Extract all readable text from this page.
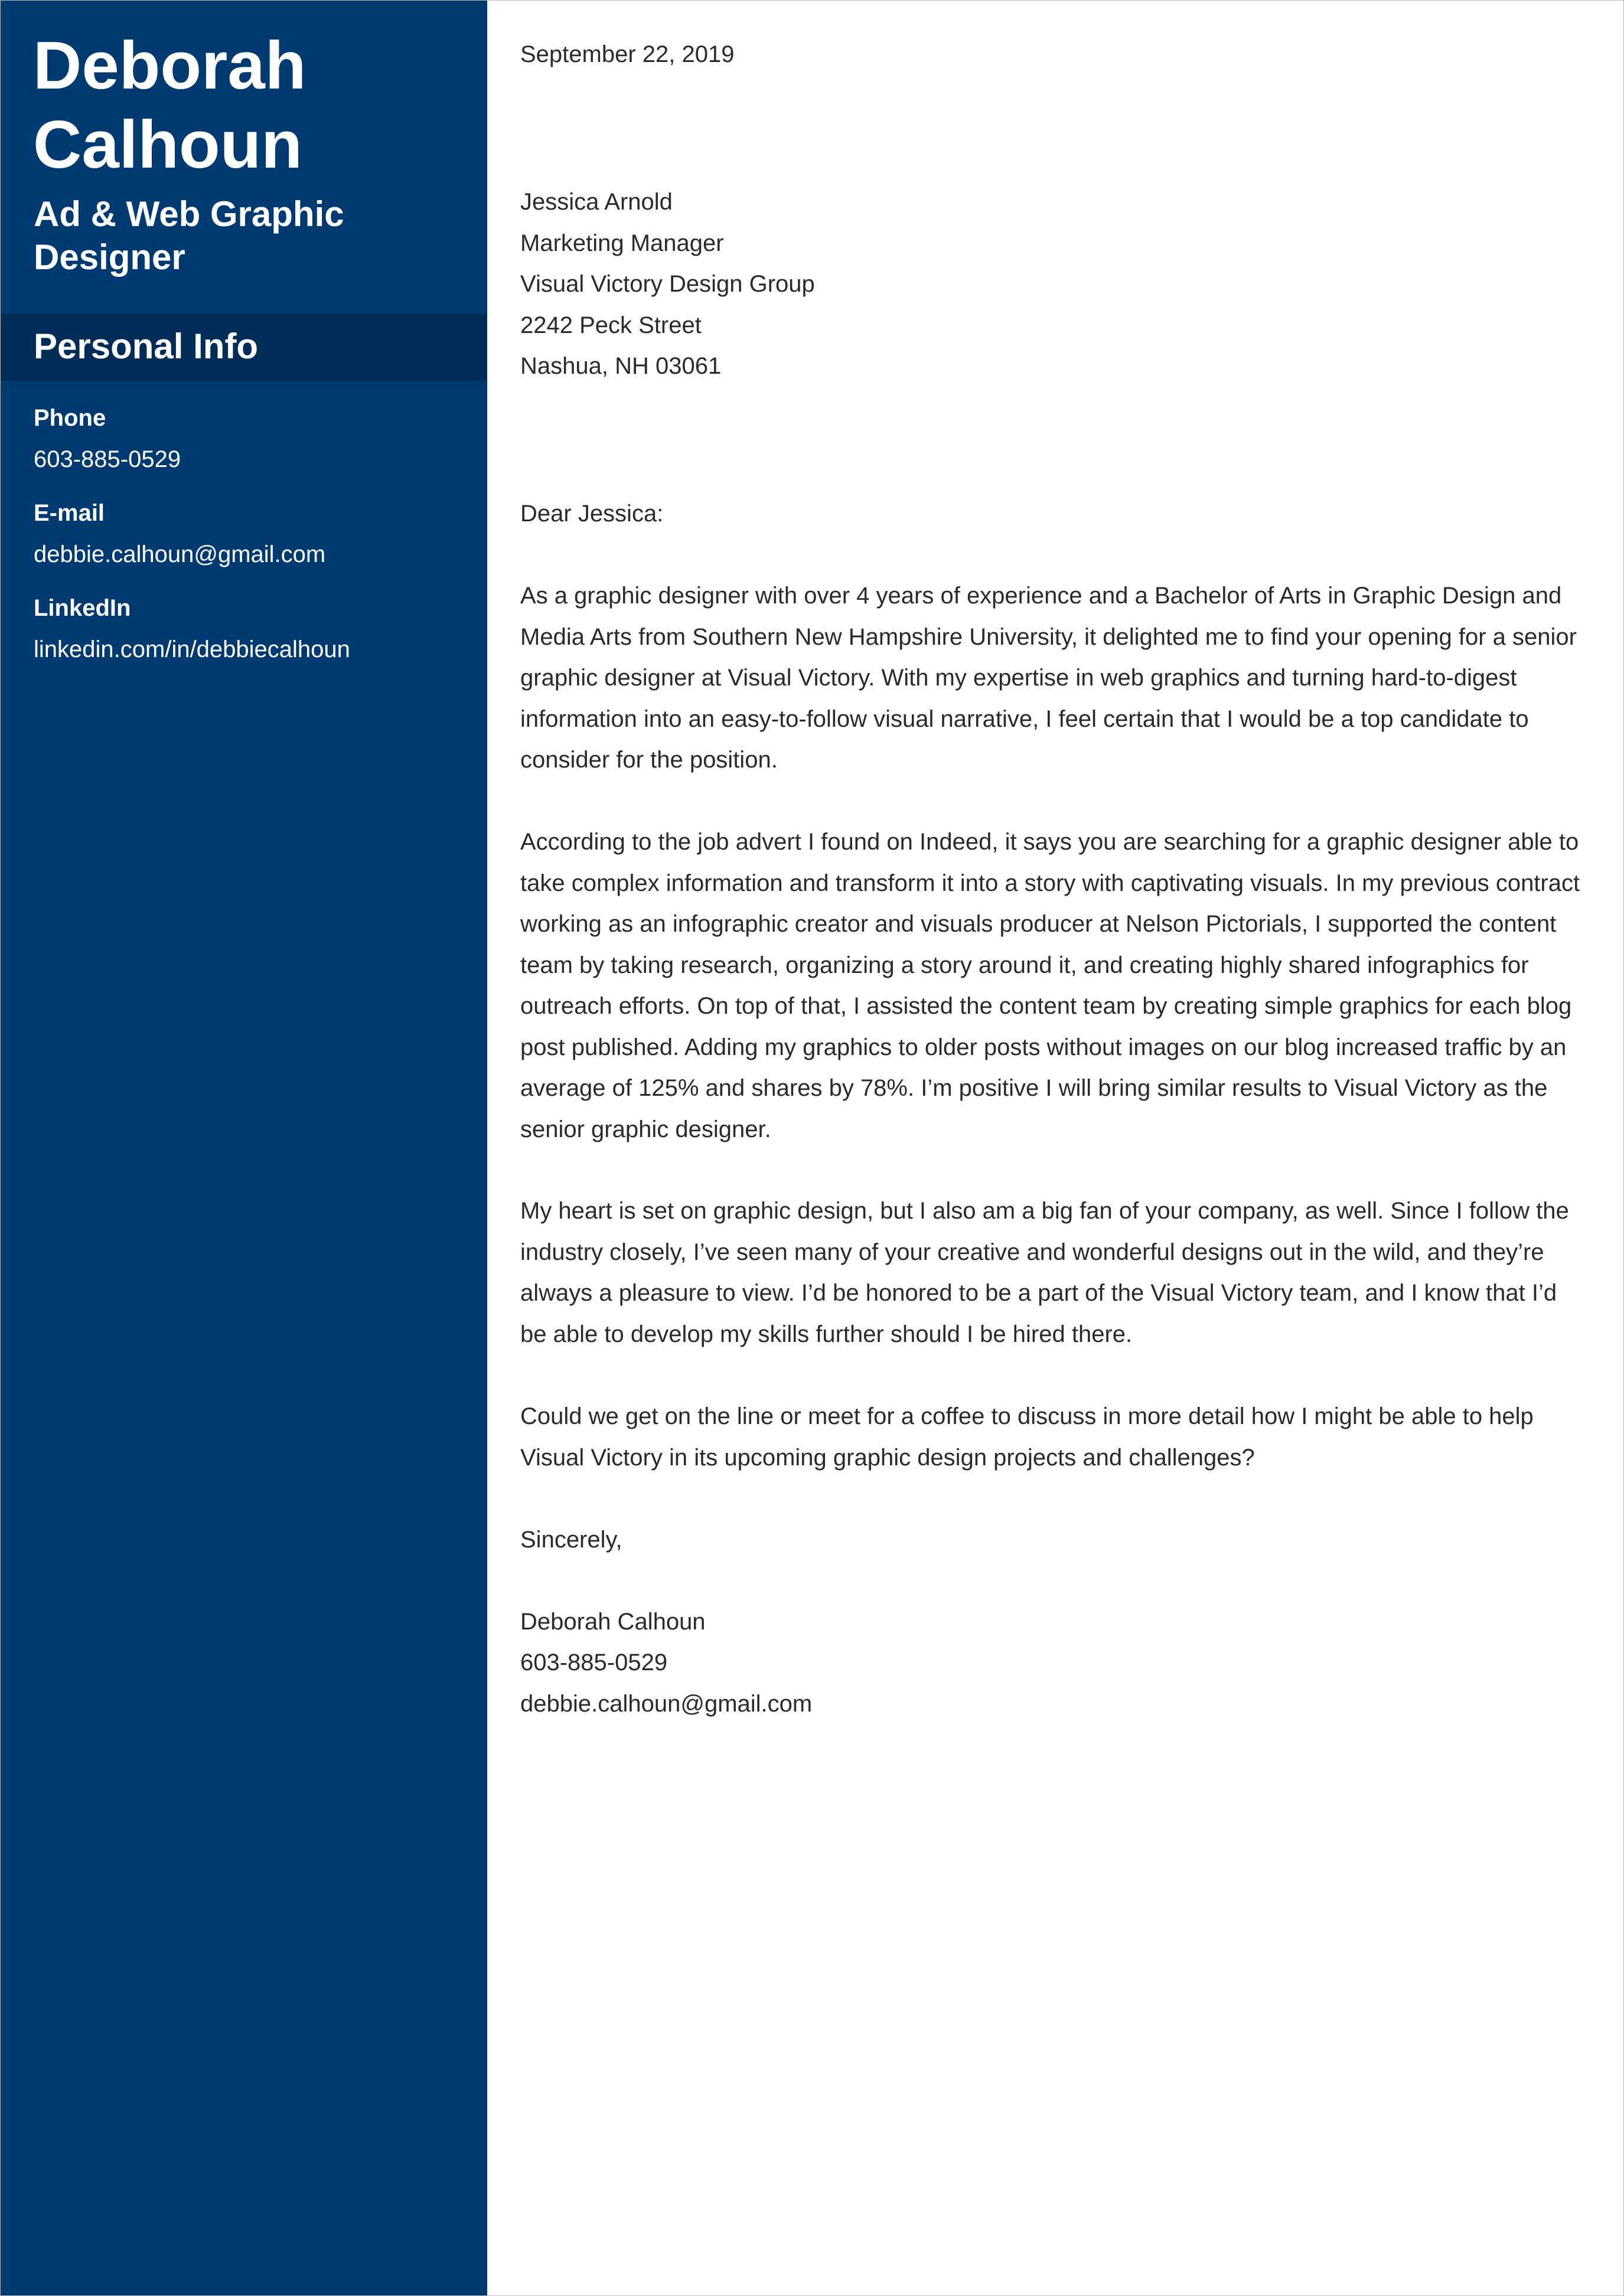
Deborah Calhoun
Ad & Web Graphic Designer
Personal Info
Phone
603-885-0529
E-mail
debbie.calhoun@gmail.com
LinkedIn
linkedin.com/in/debbiecalhoun
September 22, 2019
Jessica Arnold
Marketing Manager
Visual Victory Design Group
2242 Peck Street
Nashua, NH 03061
Dear Jessica:

As a graphic designer with over 4 years of experience and a Bachelor of Arts in Graphic Design and Media Arts from Southern New Hampshire University, it delighted me to find your opening for a senior graphic designer at Visual Victory. With my expertise in web graphics and turning hard-to-digest information into an easy-to-follow visual narrative, I feel certain that I would be a top candidate to consider for the position.

According to the job advert I found on Indeed, it says you are searching for a graphic designer able to take complex information and transform it into a story with captivating visuals. In my previous contract working as an infographic creator and visuals producer at Nelson Pictorials, I supported the content team by taking research, organizing a story around it, and creating highly shared infographics for outreach efforts. On top of that, I assisted the content team by creating simple graphics for each blog post published. Adding my graphics to older posts without images on our blog increased traffic by an average of 125% and shares by 78%. I’m positive I will bring similar results to Visual Victory as the senior graphic designer.

My heart is set on graphic design, but I also am a big fan of your company, as well. Since I follow the industry closely, I’ve seen many of your creative and wonderful designs out in the wild, and they’re always a pleasure to view. I’d be honored to be a part of the Visual Victory team, and I know that I’d be able to develop my skills further should I be hired there.

Could we get on the line or meet for a coffee to discuss in more detail how I might be able to help Visual Victory in its upcoming graphic design projects and challenges?

Sincerely,
Deborah Calhoun
603-885-0529
debbie.calhoun@gmail.com
